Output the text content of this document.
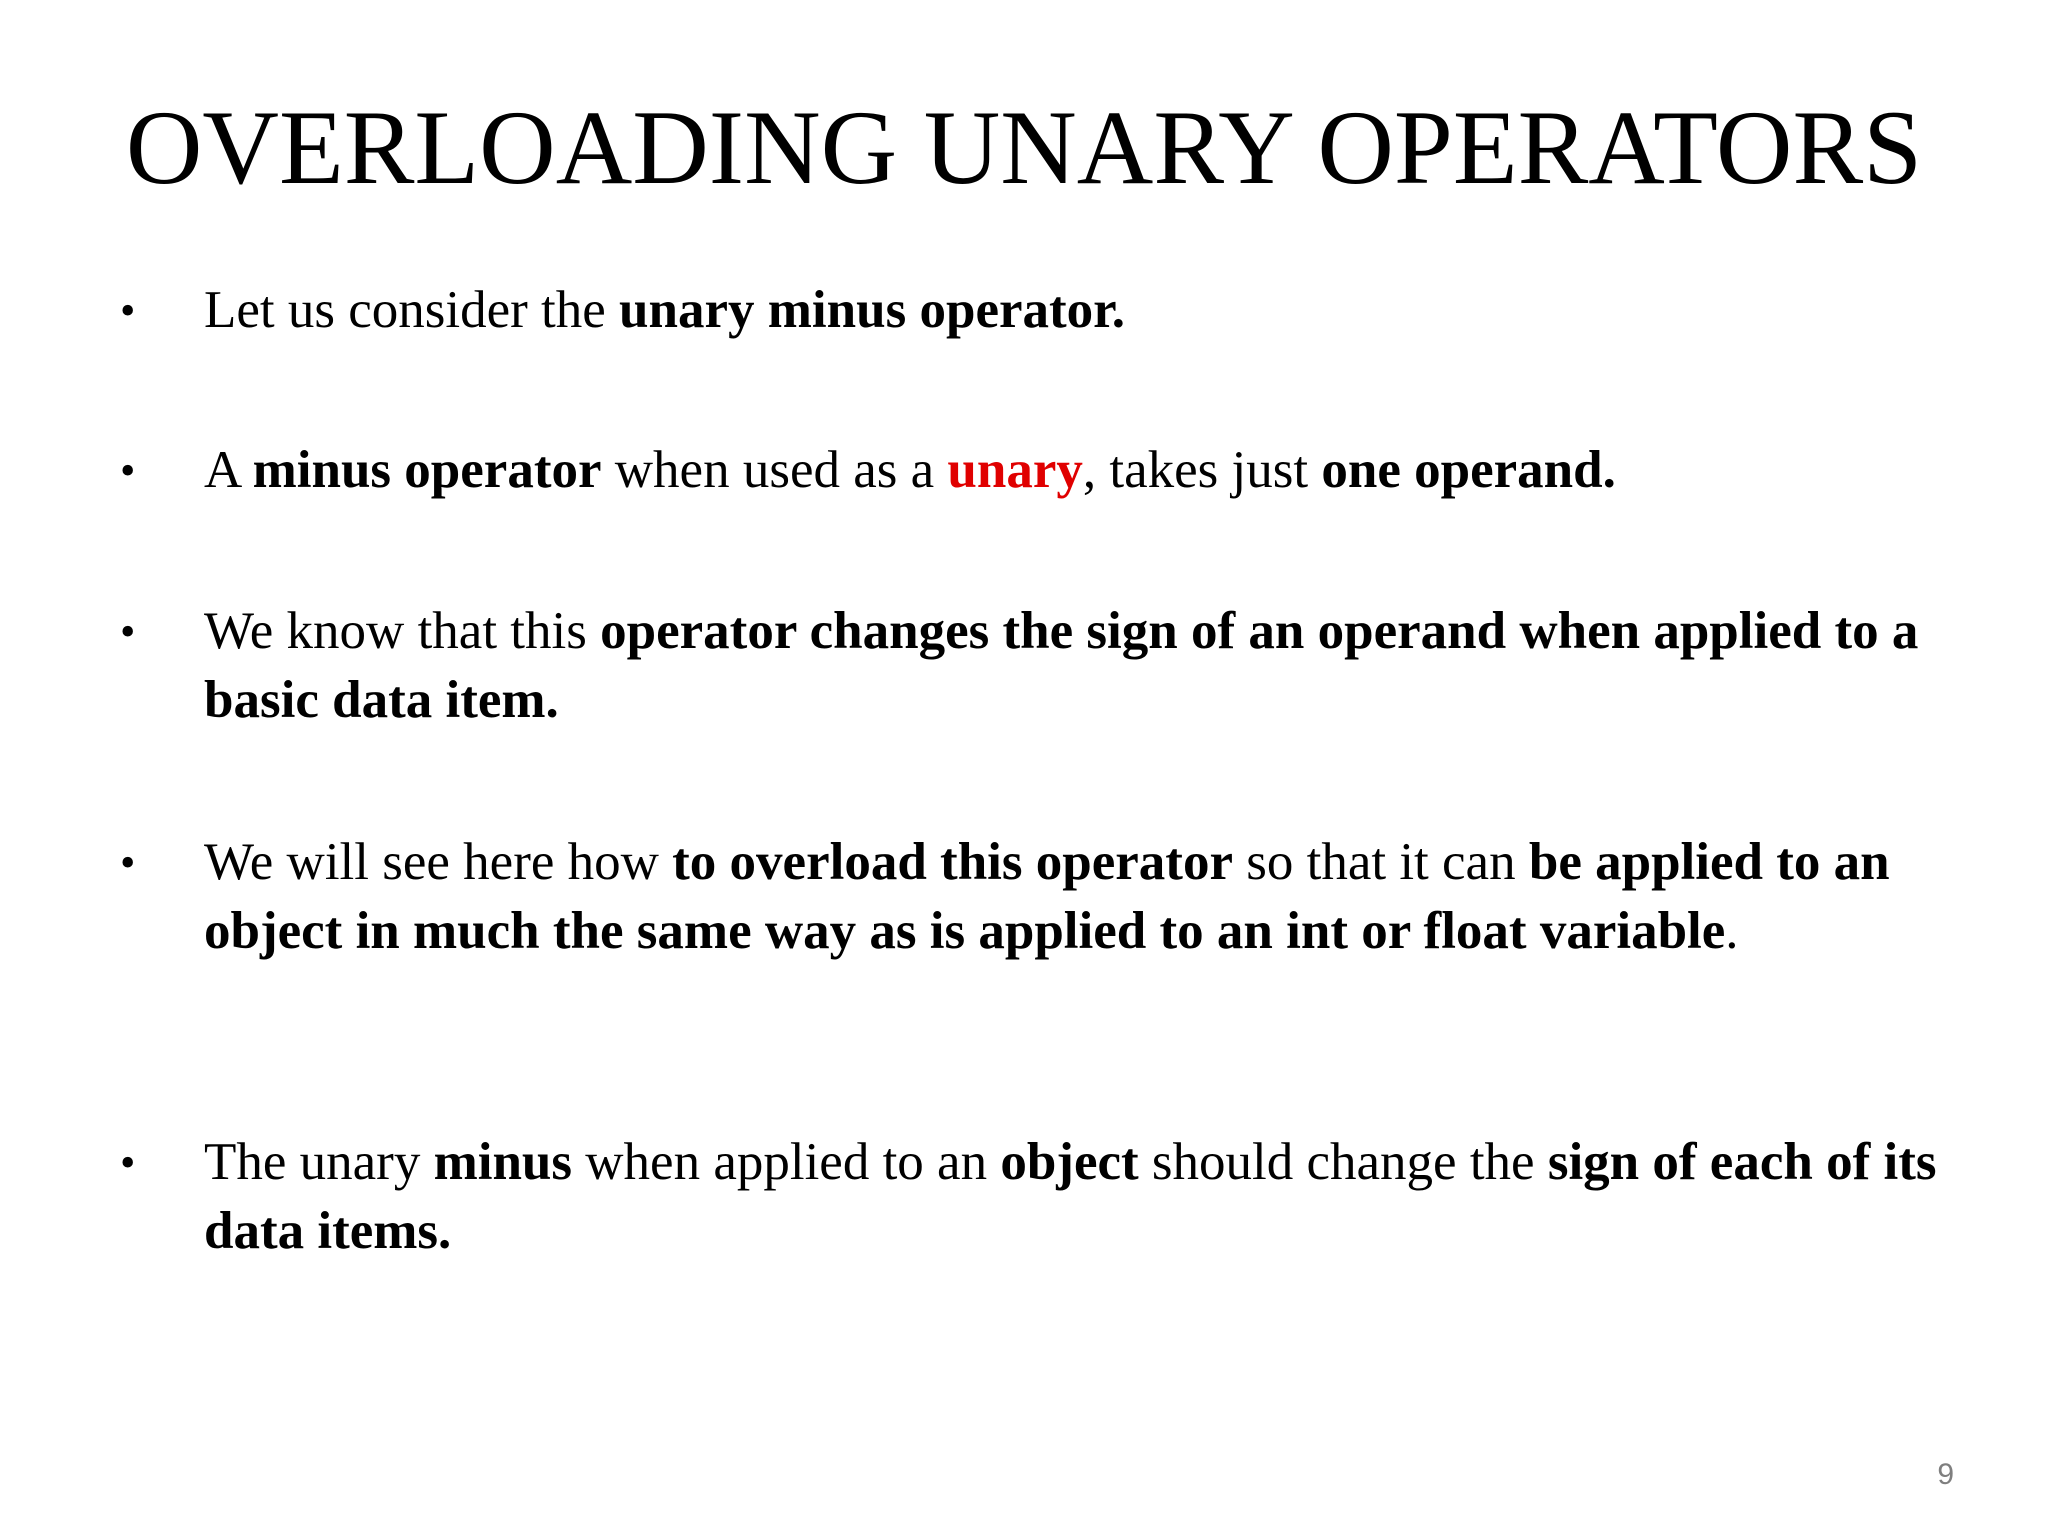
OVERLOADING UNARY OPERATORS
•	Let us consider the unary minus operator.
•	A minus operator when used as a unary, takes just one operand.
•	We know that this operator changes the sign of an operand when applied to a basic data item.
•	We will see here how to overload this operator so that it can be applied to an object in much the same way as is applied to an int or float variable.
•	The unary minus when applied to an object should change the sign of each of its data items.
9
